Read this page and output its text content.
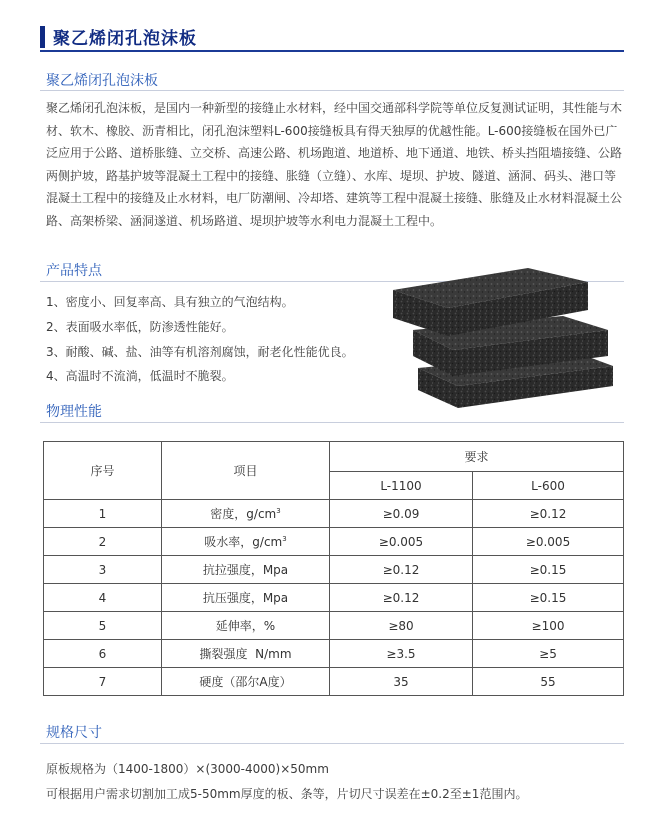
聚乙烯闭孔泡沫板
聚乙烯闭孔泡沫板
聚乙烯闭孔泡沫板，是国内一种新型的接缝止水材料，经中国交通部科学院等单位反复测试证明，其性能与木
材、软木、橡胶、沥青相比，闭孔泡沫塑料L-600接缝板具有得天独厚的优越性能。L-600接缝板在国外已广
泛应用于公路、道桥胀缝、立交桥、高速公路、机场跑道、地道桥、地下通道、地铁、桥头挡阻墙接缝、公路
两侧护坡，路基护坡等混凝土工程中的接缝、胀缝（立缝）、水库、堤坝、护坡、隧道、涵洞、码头、港口等
混凝土工程中的接缝及止水材料，电厂防潮闸、冷却塔、建筑等工程中混凝土接缝、胀缝及止水材料混凝土公
路、高架桥梁、涵洞遂道、机场路道、堤坝护坡等水利电力混凝土工程中。
产品特点
1、密度小、回复率高、具有独立的气泡结构。
2、表面吸水率低，防渗透性能好。
3、耐酸、碱、盐、油等有机溶剂腐蚀，耐老化性能优良。
4、高温时不流淌，低温时不脆裂。
物理性能
序号	项目	要求	
		L-1100	L-600
1	密度，$g/cm^3$	≥0.09	≥0.12
2	吸水率，$g/cm^3$	≥0.005	≥0.005
3	抗拉强度，Mpa	≥0.12	≥0.15
4	抗压强度，Mpa	≥0.12	≥0.15
5	延伸率，%	≥80	≥100
6	撕裂强度  N/mm	≥3.5	≥5
7	硬度（邵尔A度）	35	55
规格尺寸
原板规格为（1400-1800）×(3000-4000)×50mm
可根据用户需求切割加工成5-50mm厚度的板、条等，片切尺寸误差在±0.2至±1范围内。
